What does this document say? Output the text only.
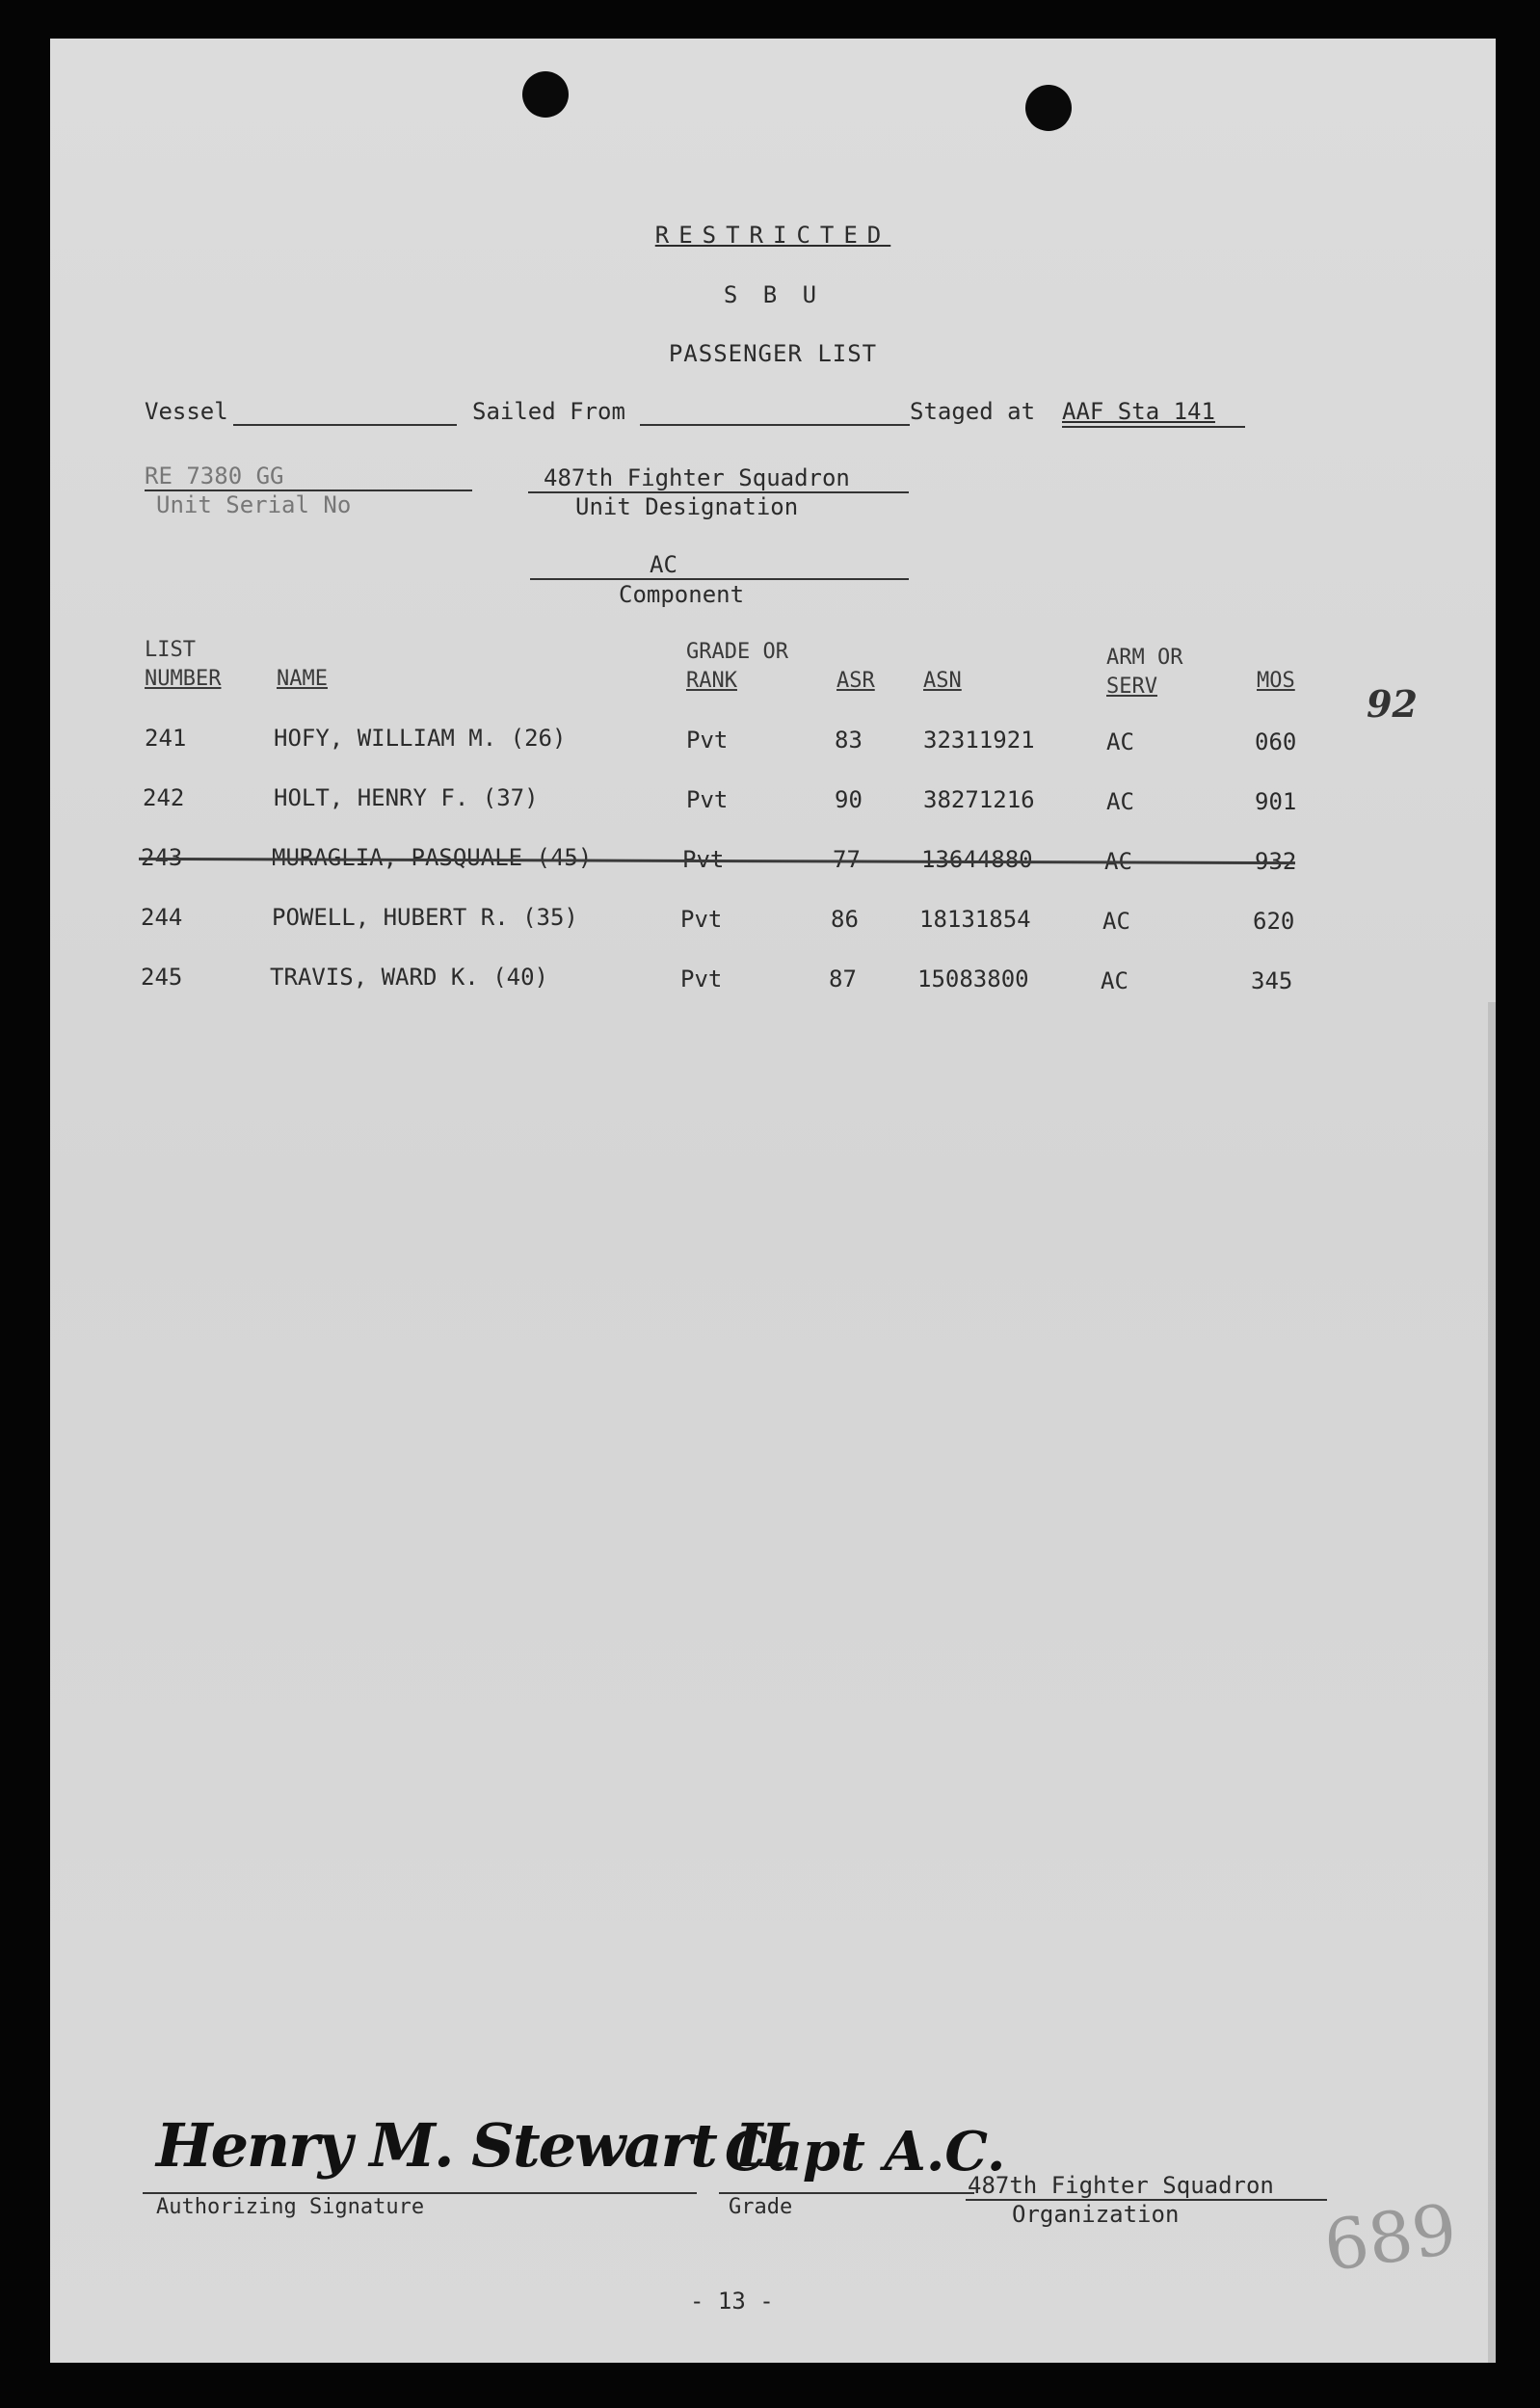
RESTRICTED
S B U
PASSENGER LIST
Vessel	Sailed From	Staged at AAF Sta 141
RE 7380 GG
Unit Serial No
487th Fighter Squadron
Unit Designation
AC
Component
92
LIST
NUMBER	NAME
GRADE OR
RANK	ASR ASN
ARM OR
SERV	MOS
241	HOFY, WILLIAM M. (26)	Pvt	83	32311921	AC	060
242	HOLT, HENRY F. (37)	Pvt	90	38271216	AC	901
243	MURAGLIA, PASQUALE (45)	Pvt	77	13644880	AC	932
244	POWELL, HUBERT R. (35)	Pvt	86	18131854	AC	620
245	TRAVIS, WARD K. (40)	Pvt	87	15083800	AC	345
Henry M. Stewart II
Authorizing Signature
Capt A.C.
Grade
487th Fighter Squadron
Organization 689
- 13 -
